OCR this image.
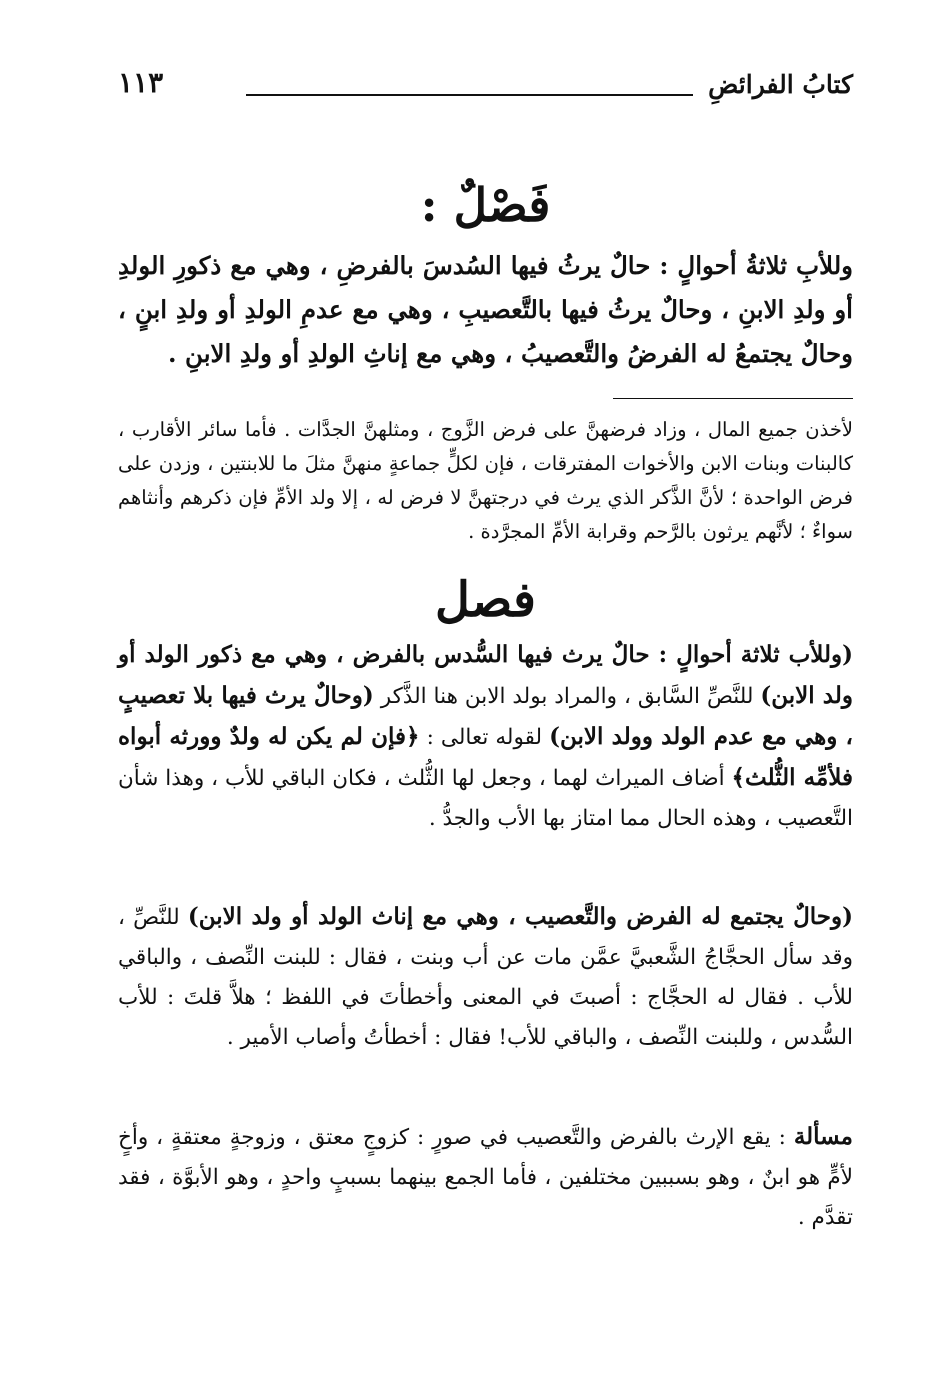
كتابُ الفرائضِ
١١٣
فَصْلٌ :
وللأبِ ثلاثةُ أحوالٍ : حالٌ يرثُ فيها السُدسَ بالفرضِ ، وهي مع ذكورِ الولدِ أو ولدِ الابنِ ، وحالٌ يرثُ فيها بالتَّعصيبِ ، وهي مع عدمِ الولدِ أو ولدِ ابنٍ ، وحالٌ يجتمعُ له الفرضُ والتَّعصيبُ ، وهي مع إناثِ الولدِ أو ولدِ الابنِ .
لأخذن جميع المال ، وزاد فرضهنَّ على فرض الزَّوج ، ومثلهنَّ الجدَّات . فأما سائر الأقارب ، كالبنات وبنات الابن والأخوات المفترقات ، فإن لكلٍّ جماعةٍ منهنَّ مثلَ ما للابنتين ، وزدن على فرض الواحدة ؛ لأنَّ الذَّكر الذي يرث في درجتهنَّ لا فرض له ، إلا ولد الأمِّ فإن ذكرهم وأنثاهم سواءٌ ؛ لأنَّهم يرثون بالرَّحم وقرابة الأمِّ المجرَّدة .
فصل

(وللأب ثلاثة أحوالٍ : حالٌ يرث فيها السُّدس بالفرض ، وهي مع ذكور الولد أو ولد الابن) للنَّصِّ السَّابق ، والمراد بولد الابن هنا الذَّكر (وحالٌ يرث فيها بلا تعصيبٍ ، وهي مع عدم الولد وولد الابن) لقوله تعالى : ﴿فإن لم يكن له ولدٌ وورثه أبواه فلأمِّه الثُّلث﴾ أضاف الميراث لهما ، وجعل لها الثُّلث ، فكان الباقي للأب ، وهذا شأن التَّعصيب ، وهذه الحال مما امتاز بها الأب والجدُّ .

(وحالٌ يجتمع له الفرض والتَّعصيب ، وهي مع إناث الولد أو ولد الابن) للنَّصِّ ، وقد سأل الحجَّاجُ الشَّعبيَّ عمَّن مات عن أب وبنت ، فقال : للبنت النِّصف ، والباقي للأب . فقال له الحجَّاج : أصبتَ في المعنى وأخطأتَ في اللفظ ؛ هلاَّ قلتَ : للأب السُّدس ، وللبنت النِّصف ، والباقي للأب! فقال : أخطأتُ وأصاب الأمير .

مسألة : يقع الإرث بالفرض والتَّعصيب في صورٍ : كزوجٍ معتق ، وزوجةٍ معتقةٍ ، وأخٍ لأمٍّ هو ابنٌ ، وهو بسببين مختلفين ، فأما الجمع بينهما بسببٍ واحدٍ ، وهو الأبوَّة ، فقد تقدَّم .
